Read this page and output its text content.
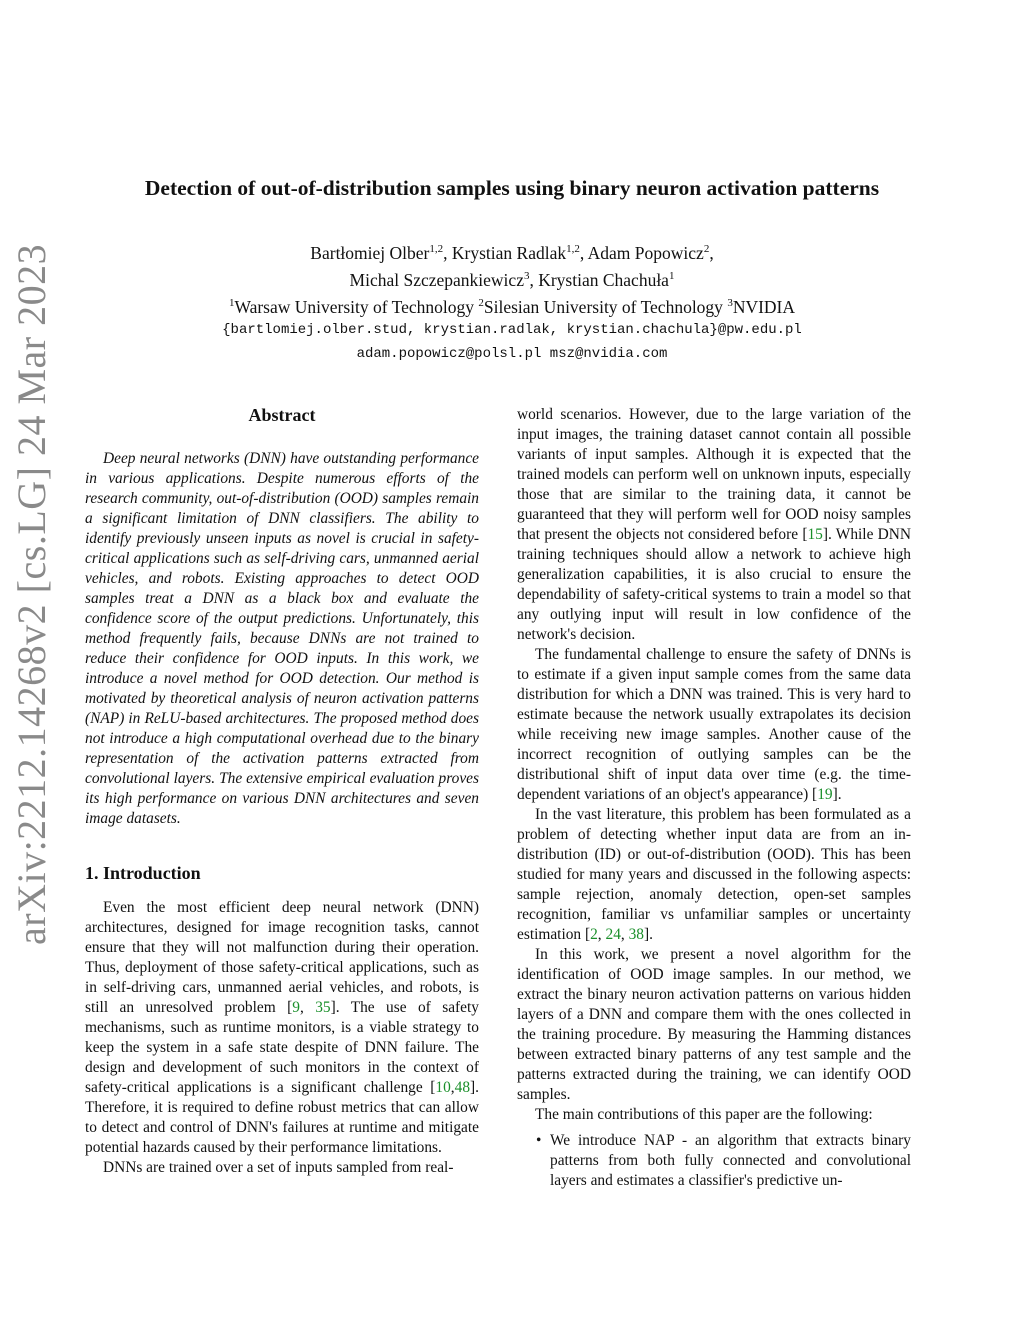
arXiv:2212.14268v2 [cs.LG] 24 Mar 2023
Detection of out-of-distribution samples using binary neuron activation patterns
Bartłomiej Olber$^{1,2}$, Krystian Radlak$^{1,2}$, Adam Popowicz$^2$,
Michal Szczepankiewicz$^3$, Krystian Chachuła$^1$
$^1$Warsaw University of Technology $^2$Silesian University of Technology $^3$NVIDIA
{bartlomiej.olber.stud, krystian.radlak, krystian.chachula}@pw.edu.pl
adam.popowicz@polsl.pl msz@nvidia.com
Abstract

Deep neural networks (DNN) have outstanding performance in various applications. Despite numerous efforts of the research community, out-of-distribution (OOD) samples remain a significant limitation of DNN classifiers. The ability to identify previously unseen inputs as novel is crucial in safety-critical applications such as self-driving cars, unmanned aerial vehicles, and robots. Existing approaches to detect OOD samples treat a DNN as a black box and evaluate the confidence score of the output predictions. Unfortunately, this method frequently fails, because DNNs are not trained to reduce their confidence for OOD inputs. In this work, we introduce a novel method for OOD detection. Our method is motivated by theoretical analysis of neuron activation patterns (NAP) in ReLU-based architectures. The proposed method does not introduce a high computational overhead due to the binary representation of the activation patterns extracted from convolutional layers. The extensive empirical evaluation proves its high performance on various DNN architectures and seven image datasets.

1. Introduction

Even the most efficient deep neural network (DNN) architectures, designed for image recognition tasks, cannot ensure that they will not malfunction during their operation. Thus, deployment of those safety-critical applications, such as in self-driving cars, unmanned aerial vehicles, and robots, is still an unresolved problem [9, 35]. The use of safety mechanisms, such as runtime monitors, is a viable strategy to keep the system in a safe state despite of DNN failure. The design and development of such monitors in the context of safety-critical applications is a significant challenge [10,48]. Therefore, it is required to define robust metrics that can allow to detect and control of DNN's failures at runtime and mitigate potential hazards caused by their performance limitations.

DNNs are trained over a set of inputs sampled from real-

world scenarios. However, due to the large variation of the input images, the training dataset cannot contain all possible variants of input samples. Although it is expected that the trained models can perform well on unknown inputs, especially those that are similar to the training data, it cannot be guaranteed that they will perform well for OOD noisy samples that present the objects not considered before [15]. While DNN training techniques should allow a network to achieve high generalization capabilities, it is also crucial to ensure the dependability of safety-critical systems to train a model so that any outlying input will result in low confidence of the network's decision.

The fundamental challenge to ensure the safety of DNNs is to estimate if a given input sample comes from the same data distribution for which a DNN was trained. This is very hard to estimate because the network usually extrapolates its decision while receiving new image samples. Another cause of the incorrect recognition of outlying samples can be the distributional shift of input data over time (e.g. the time-dependent variations of an object's appearance) [19].

In the vast literature, this problem has been formulated as a problem of detecting whether input data are from an in-distribution (ID) or out-of-distribution (OOD). This has been studied for many years and discussed in the following aspects: sample rejection, anomaly detection, open-set samples recognition, familiar vs unfamiliar samples or uncertainty estimation [2, 24, 38].

In this work, we present a novel algorithm for the identification of OOD image samples. In our method, we extract the binary neuron activation patterns on various hidden layers of a DNN and compare them with the ones collected in the training procedure. By measuring the Hamming distances between extracted binary patterns of any test sample and the patterns extracted during the training, we can identify OOD samples.

The main contributions of this paper are the following:

• We introduce NAP - an algorithm that extracts binary patterns from both fully connected and convolutional layers and estimates a classifier's predictive un-
